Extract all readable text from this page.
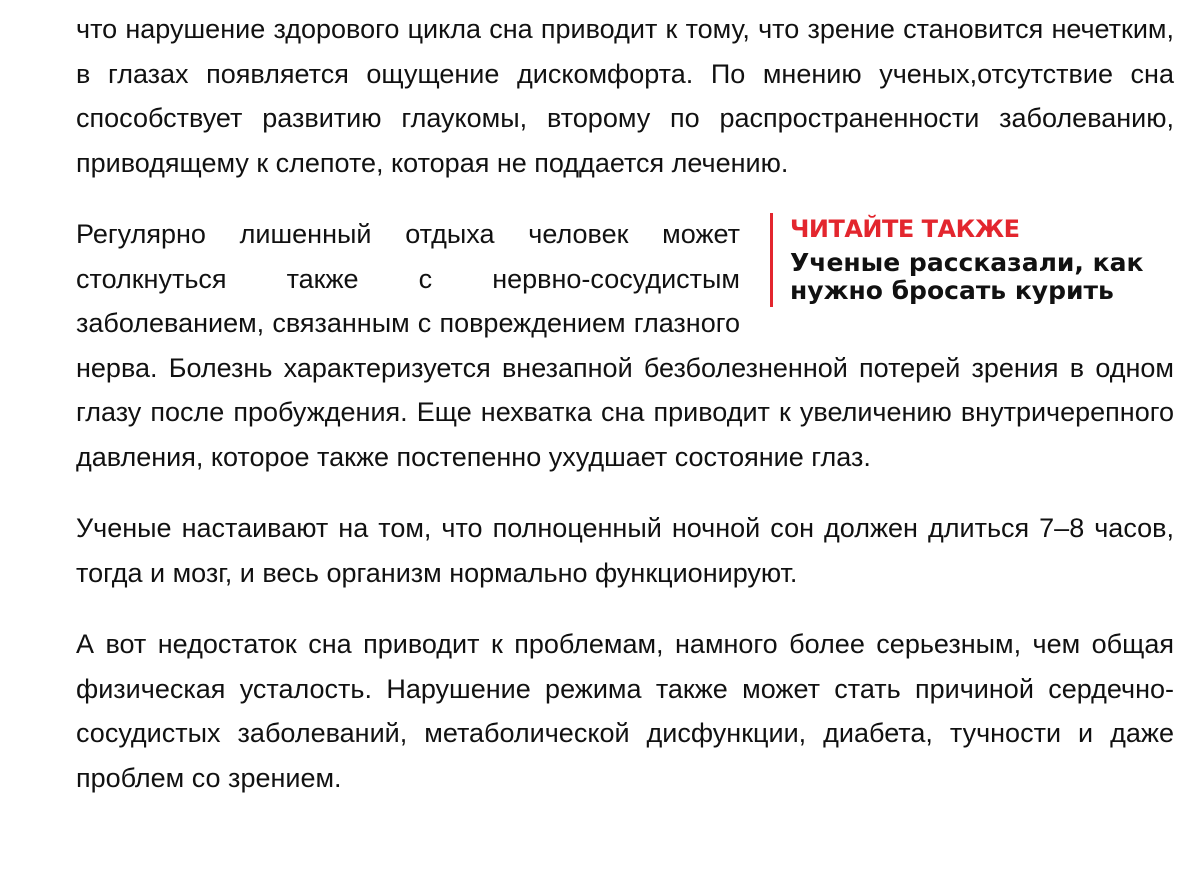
что нарушение здорового цикла сна приводит к тому, что зрение становится нечетким, в глазах появляется ощущение дискомфорта. По мнению ученых,отсутствие сна способствует развитию глаукомы, второму по распространенности заболеванию, приводящему к слепоте, которая не поддается лечению.

ЧИТАЙТЕ ТАКЖЕ
Ученые рассказали, как нужно бросать курить

Регулярно лишенный отдыха человек может столкнуться также с нервно-сосудистым заболеванием, связанным с повреждением глазного нерва. Болезнь характеризуется внезапной безболезненной потерей зрения в одном глазу после пробуждения. Еще нехватка сна приводит к увеличению внутричерепного давления, которое также постепенно ухудшает состояние глаз.

Ученые настаивают на том, что полноценный ночной сон должен длиться 7–8 часов, тогда и мозг, и весь организм нормально функционируют.

А вот недостаток сна приводит к проблемам, намного более серьезным, чем общая физическая усталость. Нарушение режима также может стать причиной сердечно-сосудистых заболеваний, метаболической дисфункции, диабета, тучности и даже проблем со зрением.
